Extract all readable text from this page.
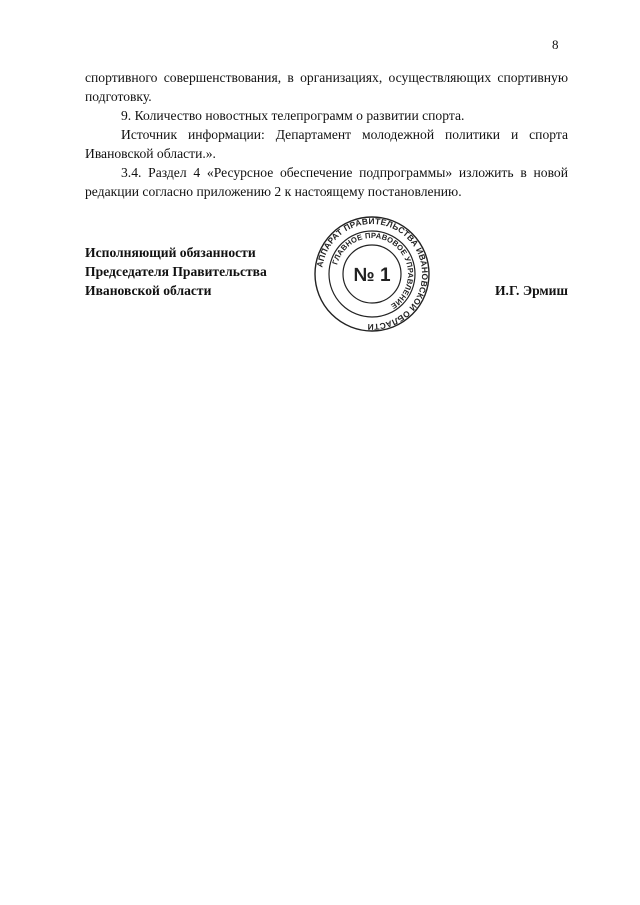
8

спортивного совершенствования, в организациях, осуществляющих спортивную подготовку.

9. Количество новостных телепрограмм о развитии спорта.

Источник информации: Департамент молодежной политики и спорта Ивановской области.».

3.4. Раздел 4 «Ресурсное обеспечение подпрограммы» изложить в новой редакции согласно приложению 2 к настоящему постановлению.

Исполняющий обязанности
Председателя Правительства
Ивановской области
АППАРАТ ПРАВИТЕЛЬСТВА ИВАНОВСКОЙ ОБЛАСТИ
ГЛАВНОЕ ПРАВОВОЕ УПРАВЛЕНИЕ
№ 1
И.Г. Эрмиш
